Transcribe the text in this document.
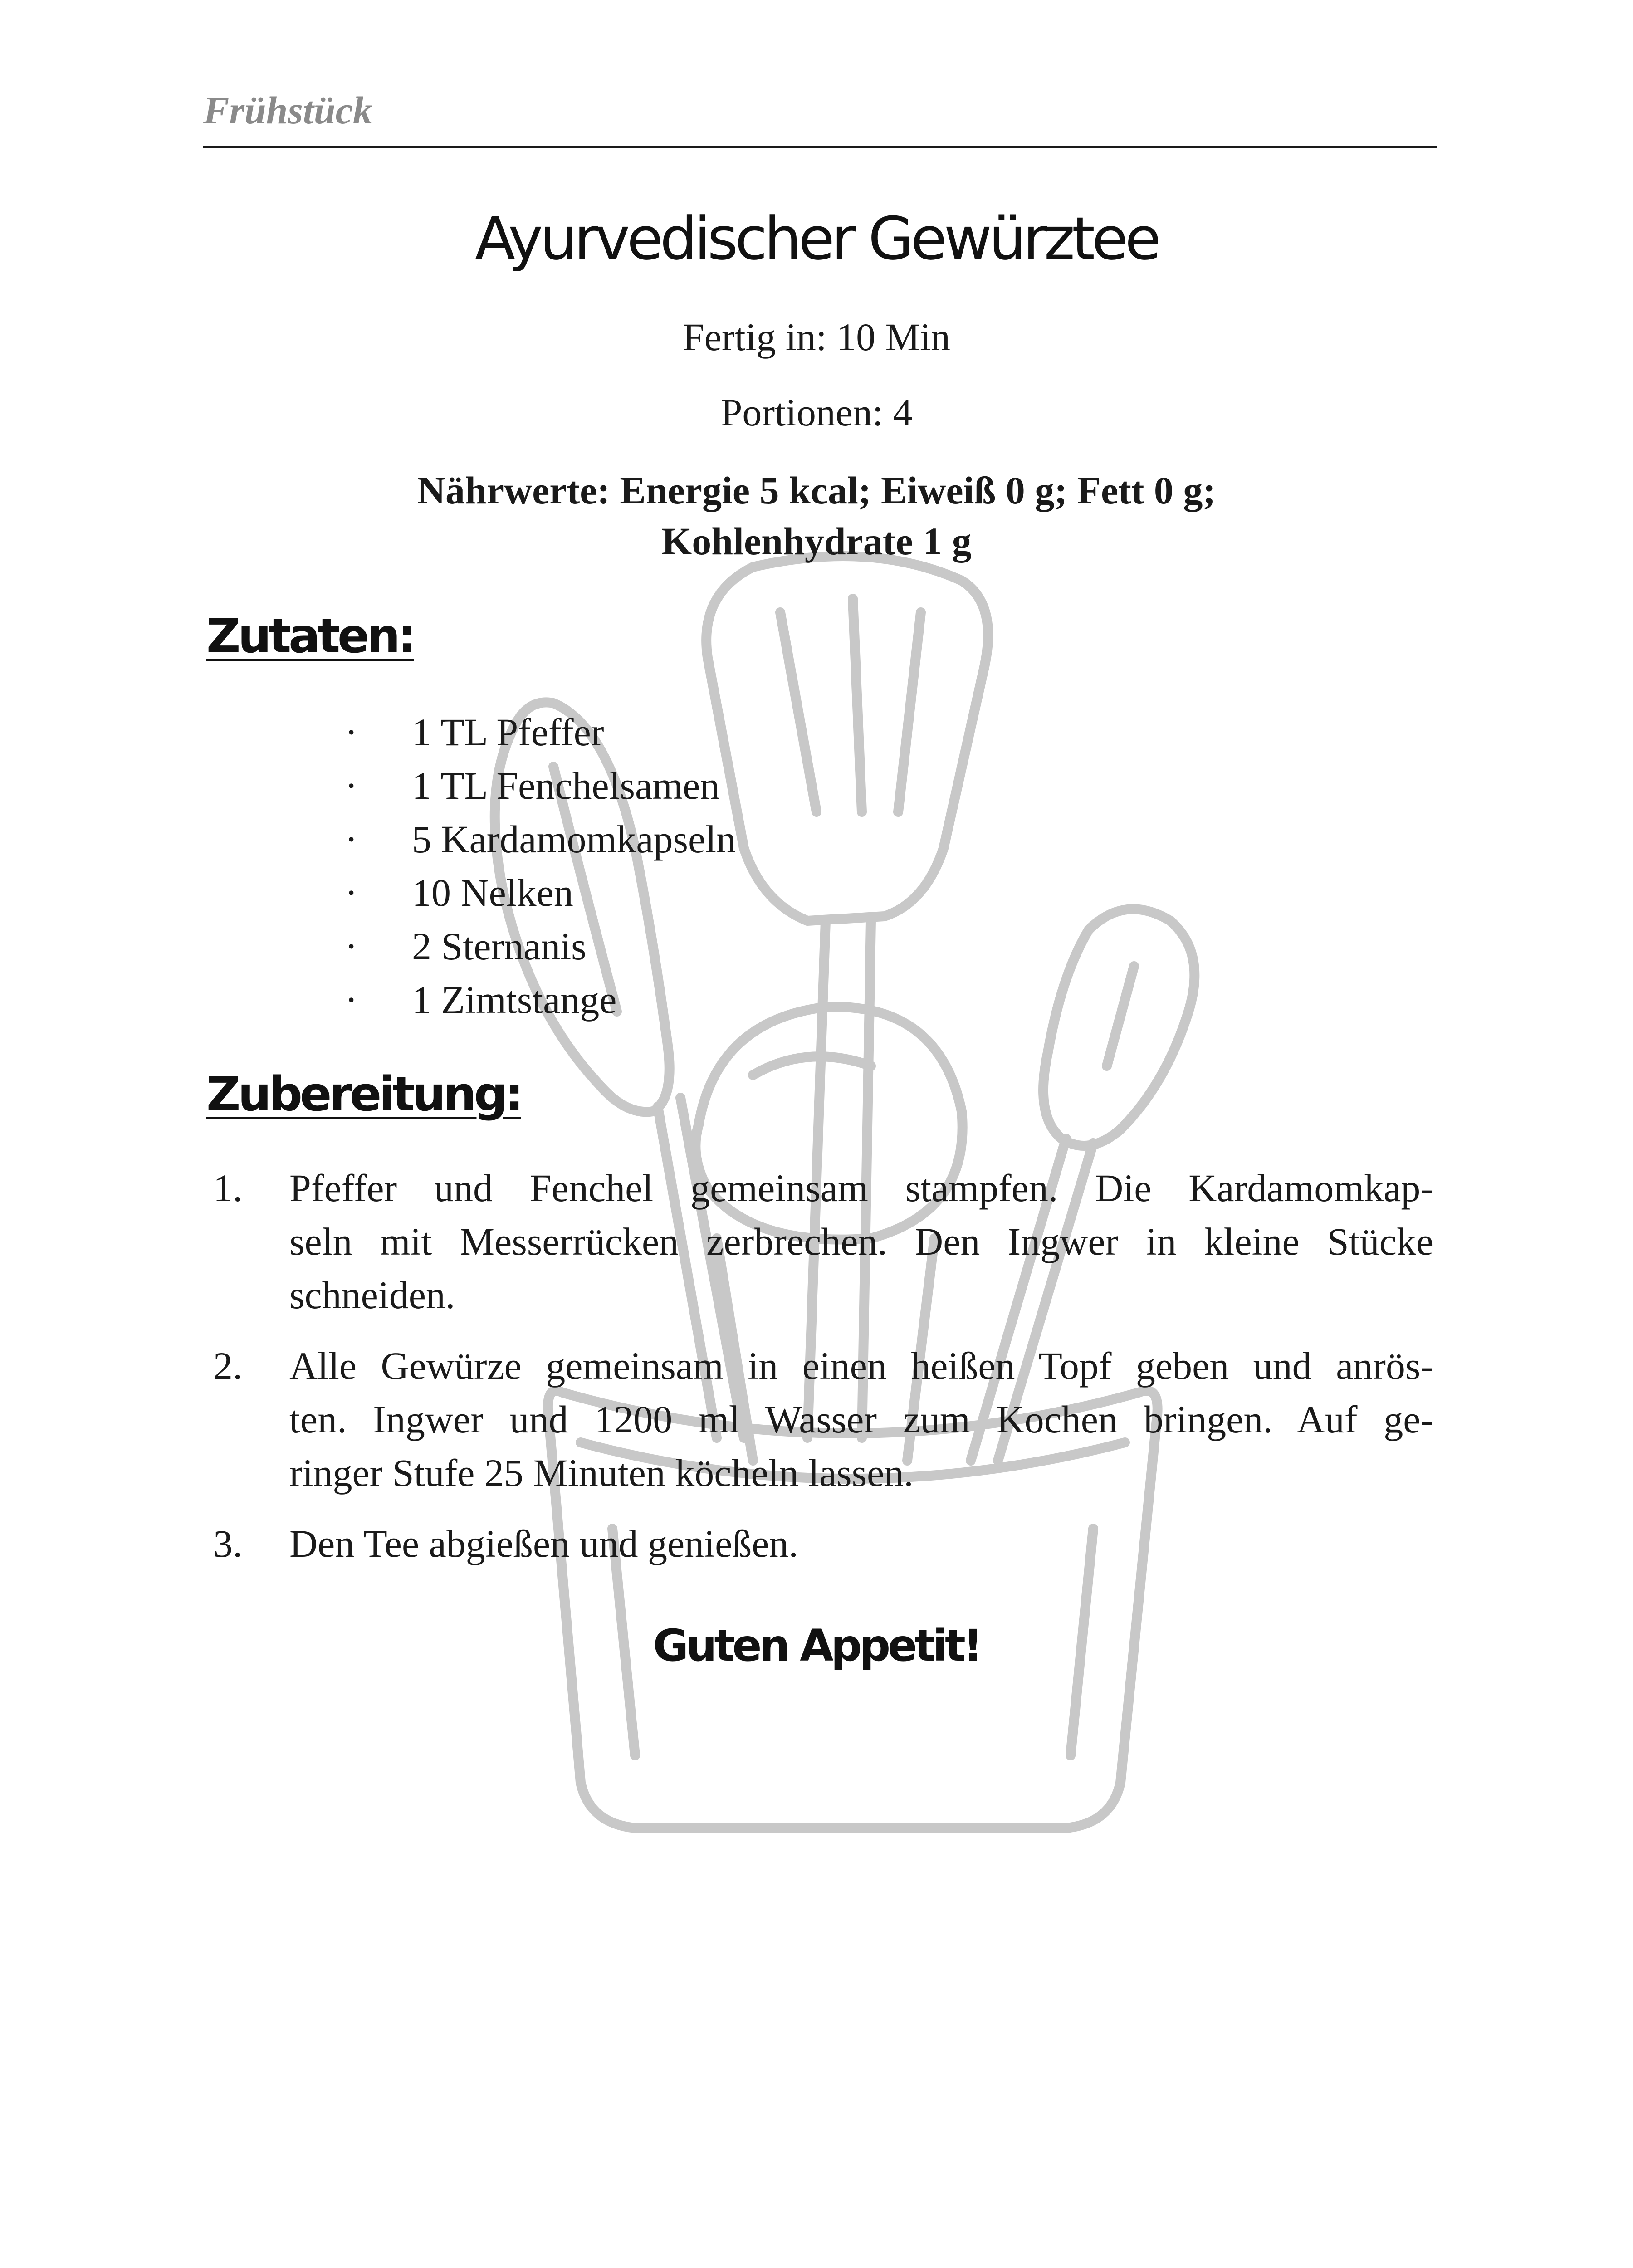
Frühstück
Ayurvedischer Gewürztee
Fertig in: 10 Min
Portionen: 4
Nährwerte: Energie 5 kcal; Eiweiß 0 g; Fett 0 g;
Kohlenhydrate 1 g
Zutaten:
· 1 TL Pfeffer
· 1 TL Fenchelsamen
· 5 Kardamomkapseln
· 10 Nelken
· 2 Sternanis
· 1 Zimtstange
Zubereitung:
1. Pfeffer und Fenchel gemeinsam stampfen. Die Kardamomkap-
seln mit Messerrücken zerbrechen. Den Ingwer in kleine Stücke
schneiden.
2. Alle Gewürze gemeinsam in einen heißen Topf geben und anrös-
ten. Ingwer und 1200 ml Wasser zum Kochen bringen. Auf ge-
ringer Stufe 25 Minuten köcheln lassen.
3. Den Tee abgießen und genießen.
Guten Appetit!
